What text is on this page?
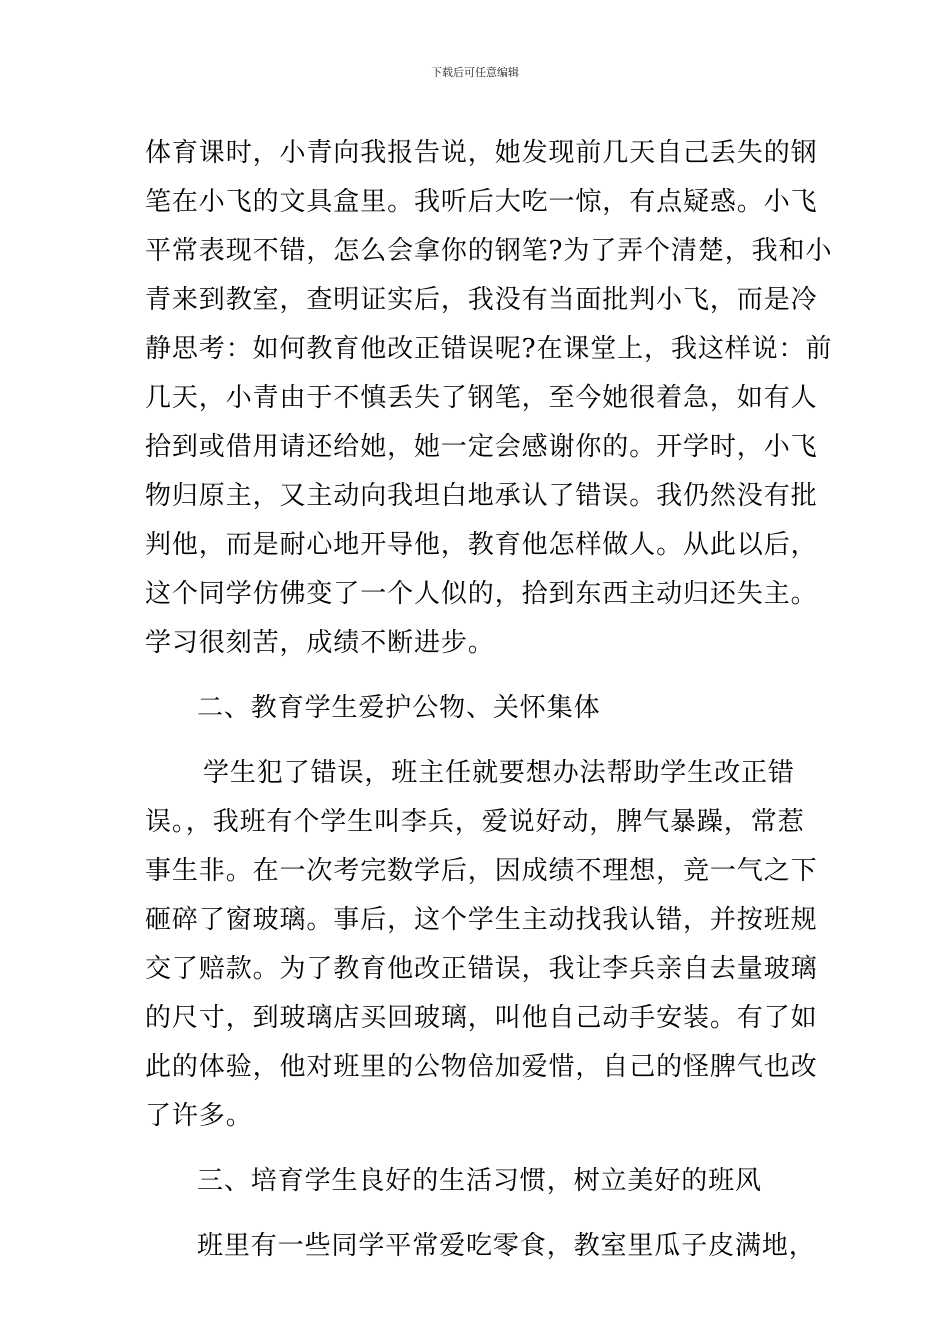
下载后可任意编辑
体育课时，小青向我报告说，她发现前几天自己丢失的钢
笔在小飞的文具盒里。我听后大吃一惊，有点疑惑。小飞
平常表现不错，怎么会拿你的钢笔?为了弄个清楚，我和小
青来到教室，查明证实后，我没有当面批判小飞，而是冷
静思考：如何教育他改正错误呢?在课堂上，我这样说：前
几天，小青由于不慎丢失了钢笔，至今她很着急，如有人
拾到或借用请还给她，她一定会感谢你的。开学时，小飞
物归原主，又主动向我坦白地承认了错误。我仍然没有批
判他，而是耐心地开导他，教育他怎样做人。从此以后，
这个同学仿佛变了一个人似的，拾到东西主动归还失主。
学习很刻苦，成绩不断进步。
二、教育学生爱护公物、关怀集体
学生犯了错误，班主任就要想办法帮助学生改正错
误。，我班有个学生叫李兵，爱说好动，脾气暴躁，常惹
事生非。在一次考完数学后，因成绩不理想，竞一气之下
砸碎了窗玻璃。事后，这个学生主动找我认错，并按班规
交了赔款。为了教育他改正错误，我让李兵亲自去量玻璃
的尺寸，到玻璃店买回玻璃，叫他自己动手安装。有了如
此的体验，他对班里的公物倍加爱惜，自己的怪脾气也改
了许多。
三、培育学生良好的生活习惯，树立美好的班风
班里有一些同学平常爱吃零食，教室里瓜子皮满地，
